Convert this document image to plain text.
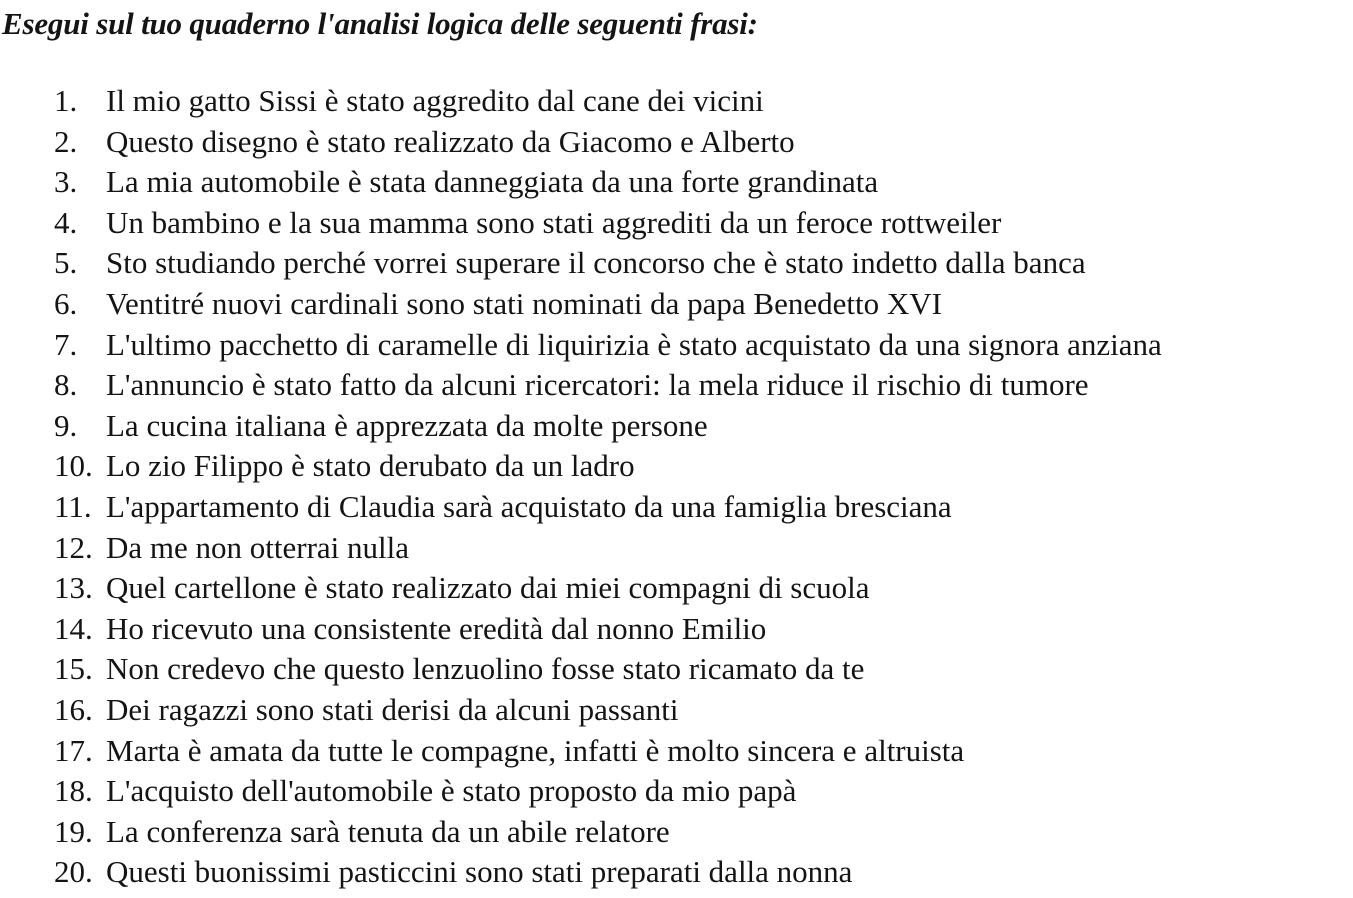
Esegui sul tuo quaderno l'analisi logica delle seguenti frasi:
1. Il mio gatto Sissi è stato aggredito dal cane dei vicini
2. Questo disegno è stato realizzato da Giacomo e Alberto
3. La mia automobile è stata danneggiata da una forte grandinata
4. Un bambino e la sua mamma sono stati aggrediti da un feroce rottweiler
5. Sto studiando perché vorrei superare il concorso che è stato indetto dalla banca
6. Ventitré nuovi cardinali sono stati nominati da papa Benedetto XVI
7. L'ultimo pacchetto di caramelle di liquirizia è stato acquistato da una signora anziana
8. L'annuncio è stato fatto da alcuni ricercatori: la mela riduce il rischio di tumore
9. La cucina italiana è apprezzata da molte persone
10. Lo zio Filippo è stato derubato da un ladro
11. L'appartamento di Claudia sarà acquistato da una famiglia bresciana
12. Da me non otterrai nulla
13. Quel cartellone è stato realizzato dai miei compagni di scuola
14. Ho ricevuto una consistente eredità dal nonno Emilio
15. Non credevo che questo lenzuolino fosse stato ricamato da te
16. Dei ragazzi sono stati derisi da alcuni passanti
17. Marta è amata da tutte le compagne, infatti è molto sincera e altruista
18. L'acquisto dell'automobile è stato proposto da mio papà
19. La conferenza sarà tenuta da un abile relatore
20. Questi buonissimi pasticcini sono stati preparati dalla nonna
